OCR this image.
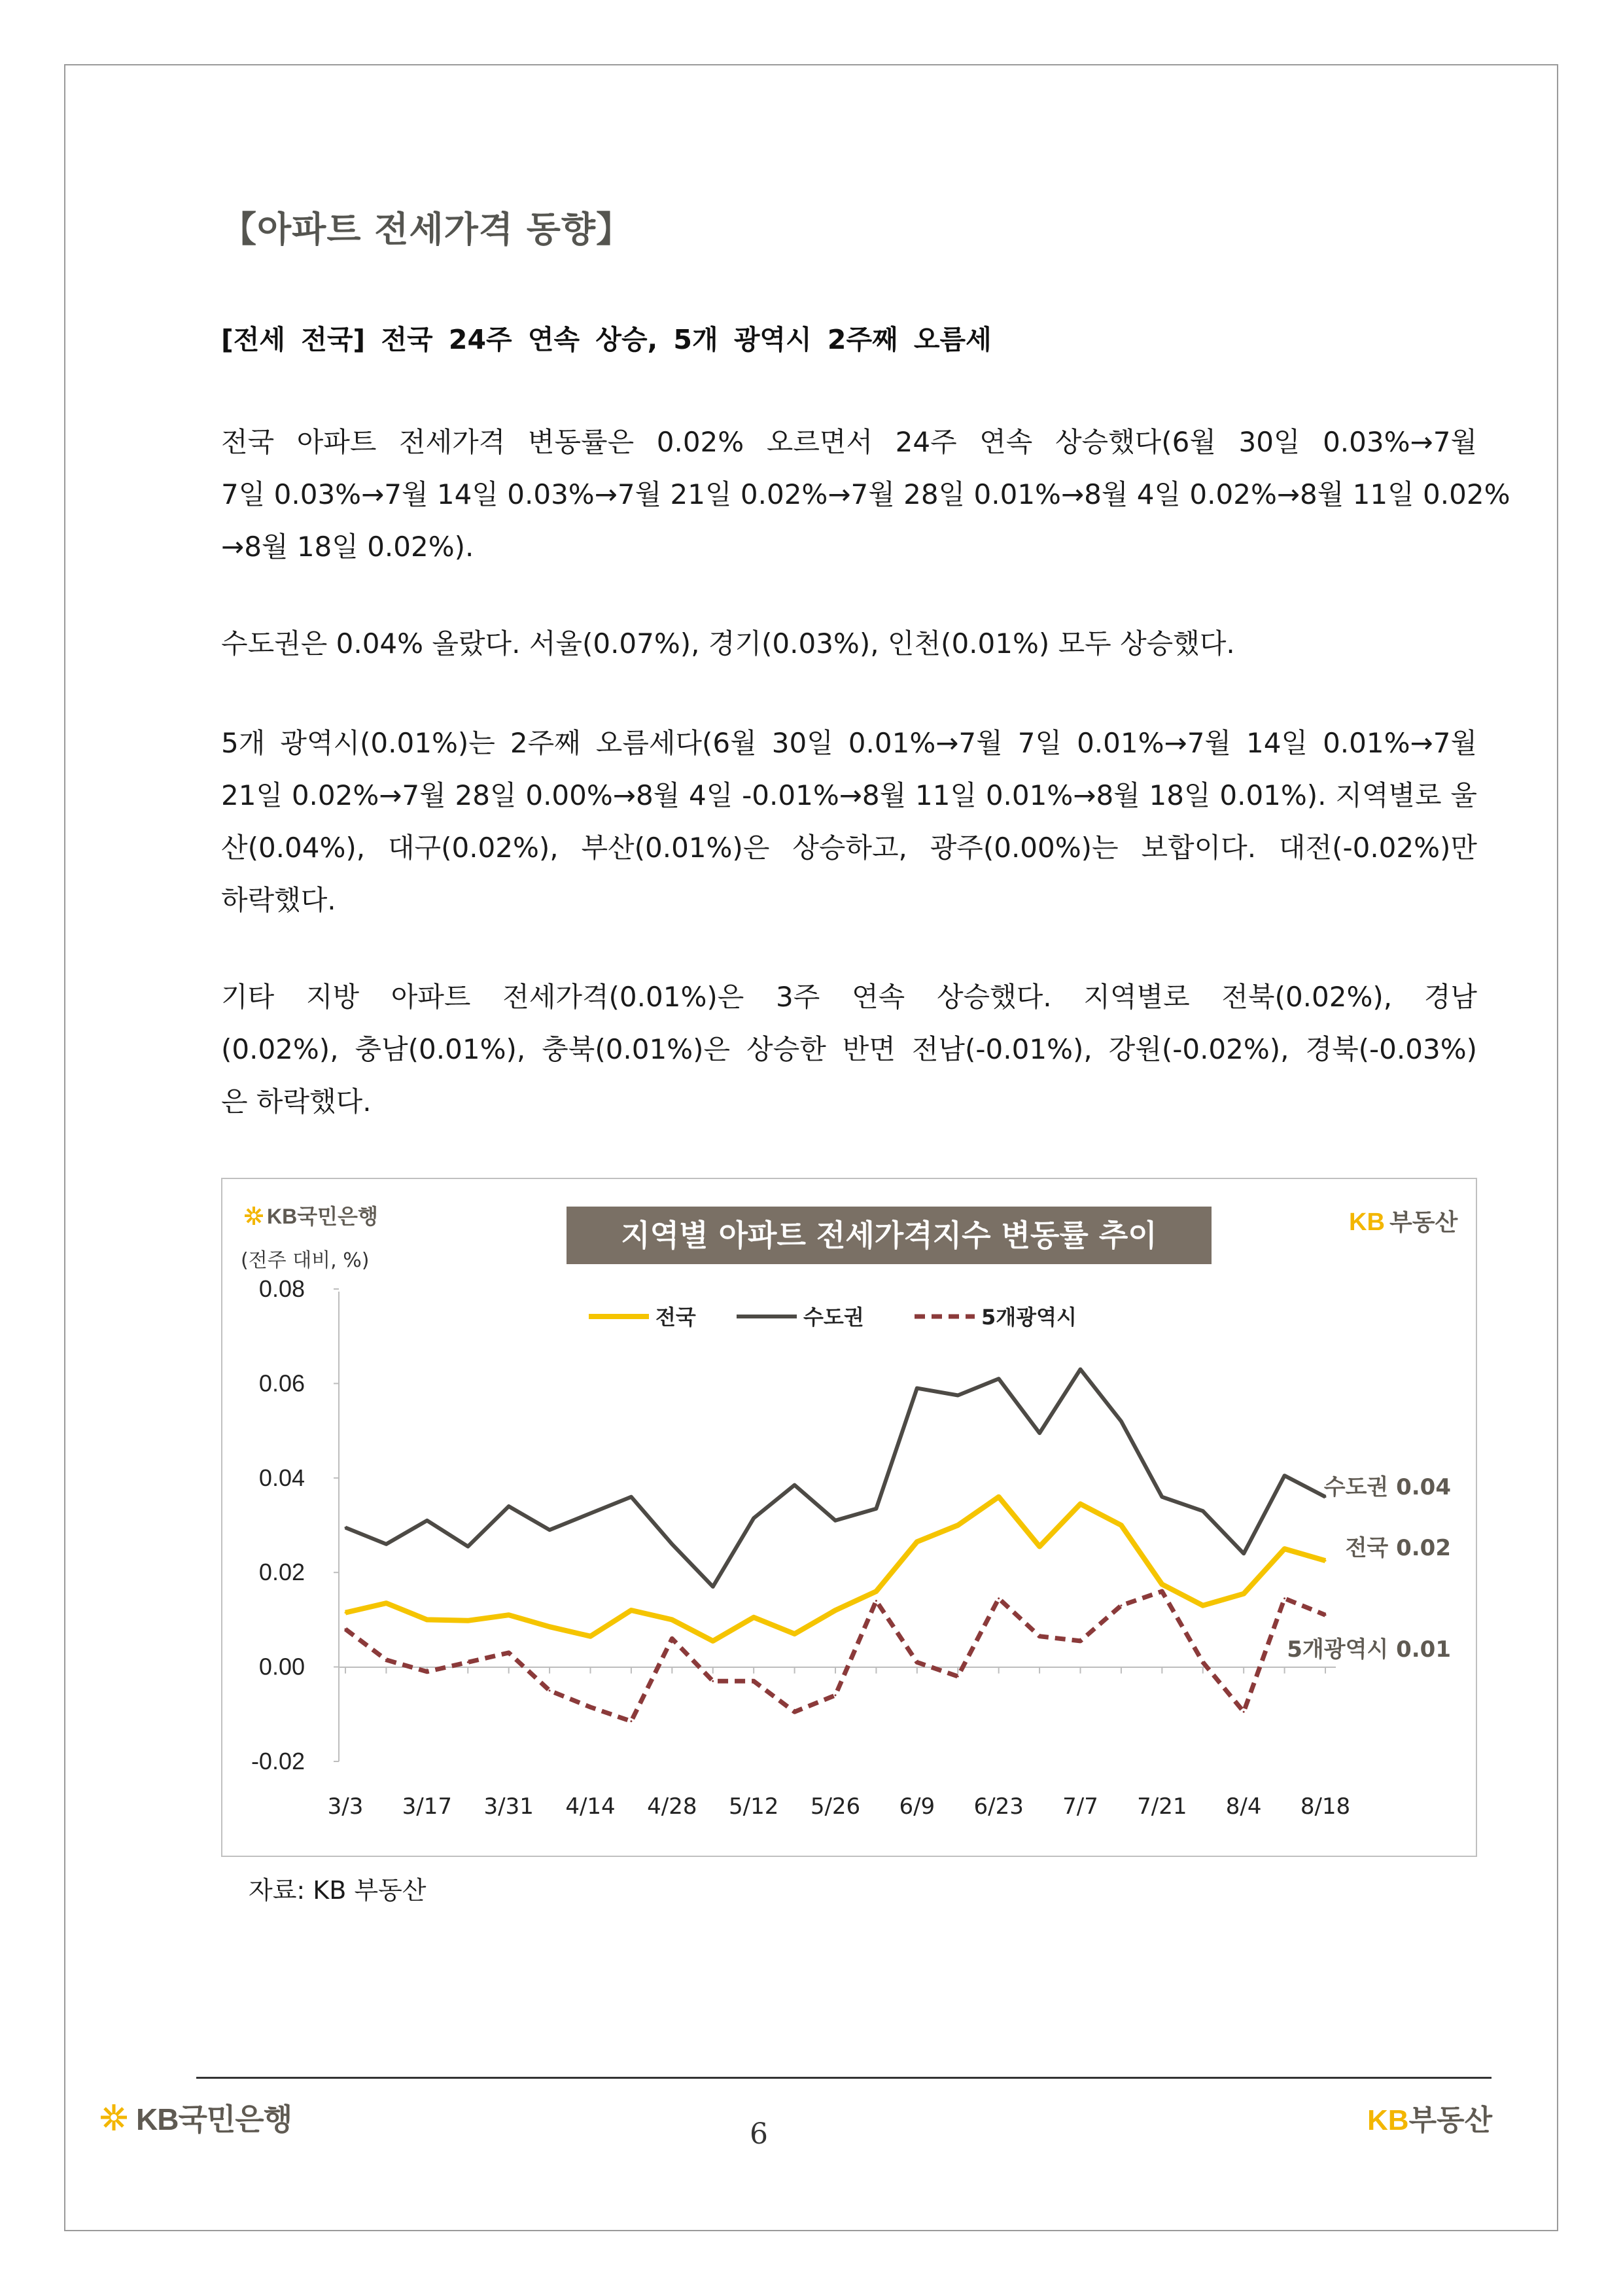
【아파트 전세가격 동향】
[전세 전국] 전국 24주 연속 상승, 5개 광역시 2주째 오름세
전국 아파트 전세가격 변동률은 0.02% 오르면서 24주 연속 상승했다(6월 30일 0.03%→7월
7일 0.03%→7월 14일 0.03%→7월 21일 0.02%→7월 28일 0.01%→8월 4일 0.02%→8월 11일 0.02%
→8월 18일 0.02%).
수도권은 0.04% 올랐다. 서울(0.07%), 경기(0.03%), 인천(0.01%) 모두 상승했다.
5개 광역시(0.01%)는 2주째 오름세다(6월 30일 0.01%→7월 7일 0.01%→7월 14일 0.01%→7월
21일 0.02%→7월 28일 0.00%→8월 4일 -0.01%→8월 11일 0.01%→8월 18일 0.01%). 지역별로 울
산(0.04%), 대구(0.02%), 부산(0.01%)은 상승하고, 광주(0.00%)는 보합이다. 대전(-0.02%)만
하락했다.
기타 지방 아파트 전세가격(0.01%)은 3주 연속 상승했다. 지역별로 전북(0.02%), 경남
(0.02%), 충남(0.01%), 충북(0.01%)은 상승한 반면 전남(-0.01%), 강원(-0.02%), 경북(-0.03%)
은 하락했다.
KB국민은행
지역별 아파트 전세가격지수 변동률 추이	KB 부동산
(전주 대비, %)
0.08
0.06
0.04
0.02
0.00
-0.02
3/3 3/17 3/31 4/14 4/28 5/12 5/26 6/9 6/23 7/7 7/21 8/4 8/18
전국 0.02
수도권 0.04
5개광역시 0.01
전국	수도권	5개광역시
자료: KB 부동산
KB국민은행	6	KB부동산
